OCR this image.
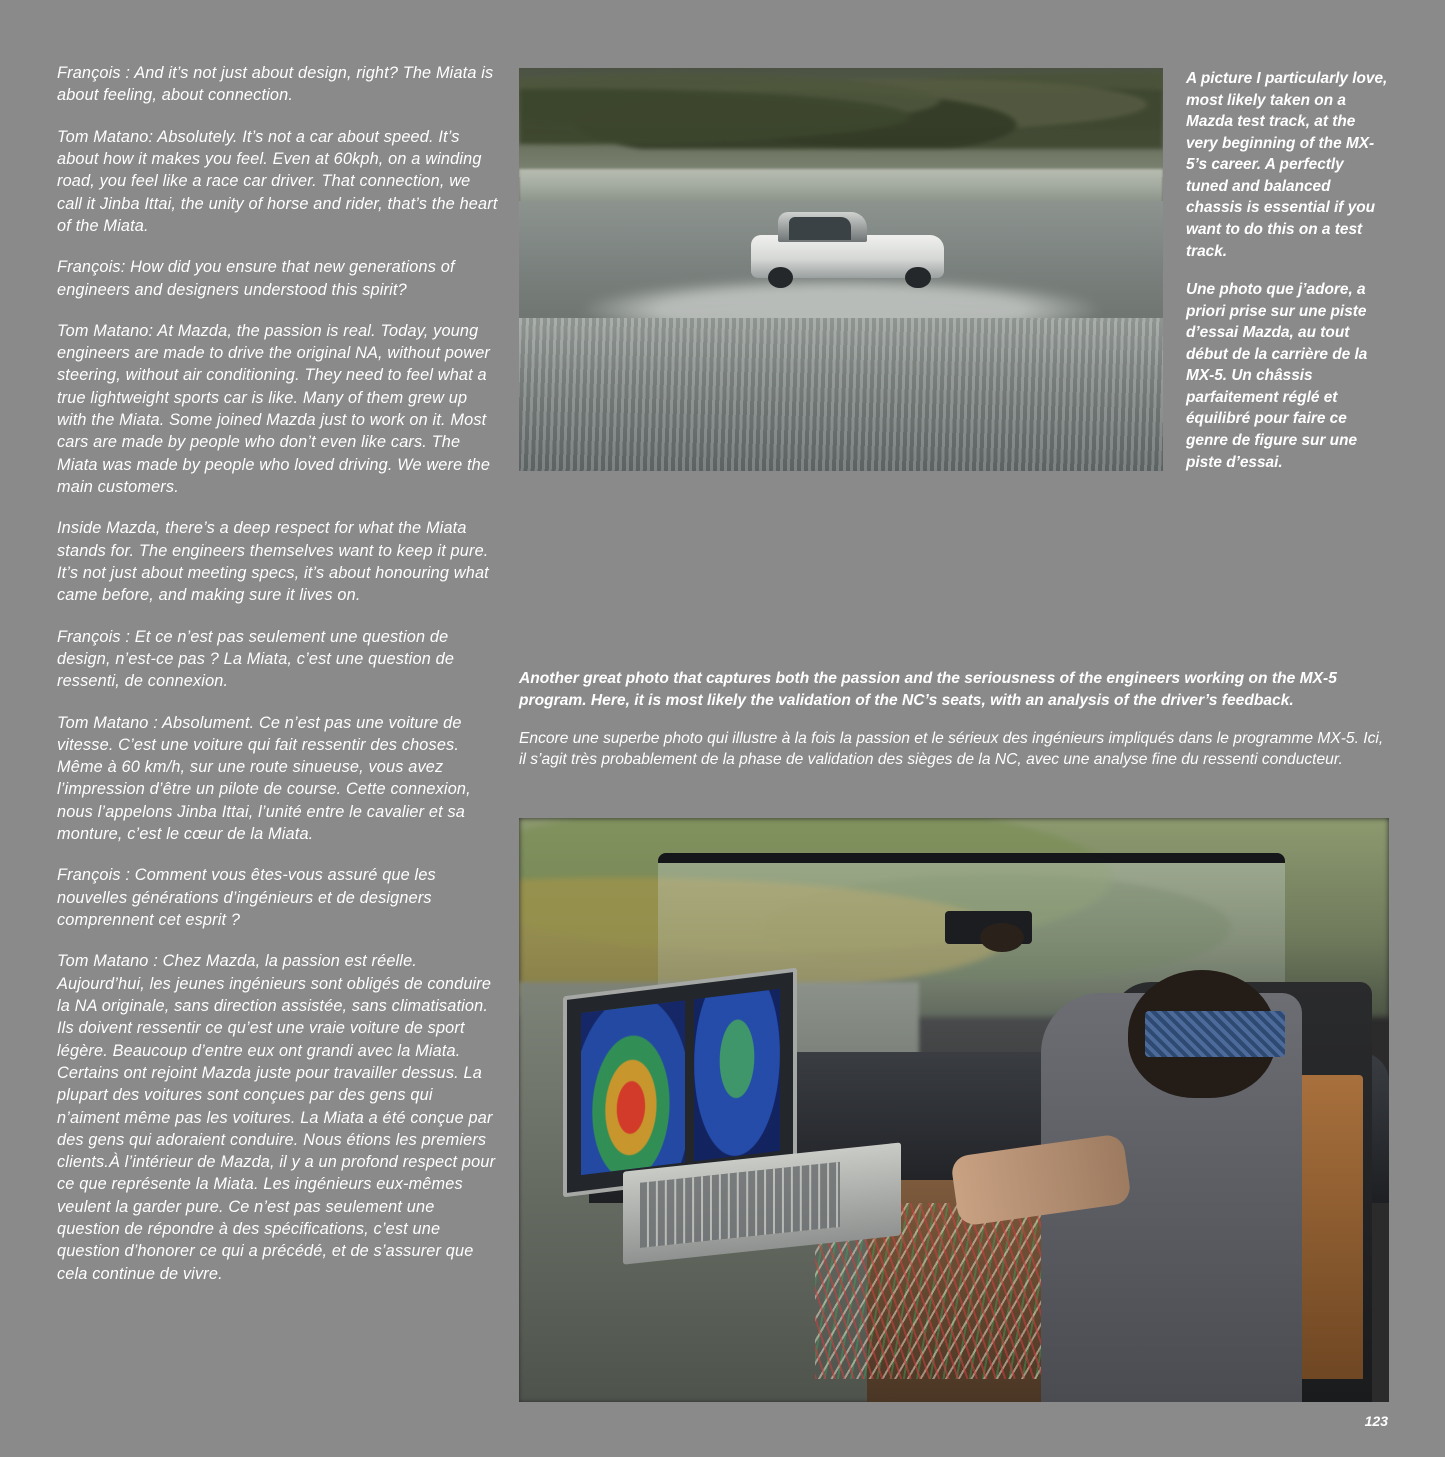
François : And it’s not just about design, right? The Miata is about feeling, about connection.

Tom Matano: Absolutely. It’s not a car about speed. It’s about how it makes you feel. Even at 60kph, on a winding road, you feel like a race car driver. That connection, we call it Jinba Ittai, the unity of horse and rider, that’s the heart of the Miata.

François: How did you ensure that new generations of engineers and designers understood this spirit?

Tom Matano: At Mazda, the passion is real. Today, young engineers are made to drive the original NA, without power steering, without air conditioning. They need to feel what a true lightweight sports car is like. Many of them grew up with the Miata. Some joined Mazda just to work on it. Most cars are made by people who don’t even like cars. The Miata was made by people who loved driving. We were the main customers.

Inside Mazda, there’s a deep respect for what the Miata stands for. The engineers themselves want to keep it pure. It’s not just about meeting specs, it’s about honouring what came before, and making sure it lives on.

François : Et ce n’est pas seulement une question de design, n’est-ce pas ? La Miata, c’est une question de ressenti, de connexion.

Tom Matano : Absolument. Ce n’est pas une voiture de vitesse. C’est une voiture qui fait ressentir des choses. Même à 60 km/h, sur une route sinueuse, vous avez l’impression d’être un pilote de course. Cette connexion, nous l’appelons Jinba Ittai, l’unité entre le cavalier et sa monture, c’est le cœur de la Miata.

François : Comment vous êtes-vous assuré que les nouvelles générations d’ingénieurs et de designers comprennent cet esprit ?

Tom Matano : Chez Mazda, la passion est réelle. Aujourd’hui, les jeunes ingénieurs sont obligés de conduire la NA originale, sans direction assistée, sans climatisation. Ils doivent ressentir ce qu’est une vraie voiture de sport légère. Beaucoup d’entre eux ont grandi avec la Miata. Certains ont rejoint Mazda juste pour travailler dessus. La plupart des voitures sont conçues par des gens qui n’aiment même pas les voitures. La Miata a été conçue par des gens qui adoraient conduire. Nous étions les premiers clients.À l’intérieur de Mazda, il y a un profond respect pour ce que représente la Miata. Les ingénieurs eux-mêmes veulent la garder pure. Ce n’est pas seulement une question de répondre à des spécifications, c’est une question d’honorer ce qui a précédé, et de s’assurer que cela continue de vivre.

A picture I particularly love, most likely taken on a Mazda test track, at the very beginning of the MX-5’s career. A perfectly tuned and balanced chassis is essential if you want to do this on a test track.

Une photo que j’adore, a priori prise sur une piste d’essai Mazda, au tout début de la carrière de la MX-5. Un châssis parfaitement réglé et équilibré pour faire ce genre de figure sur une piste d’essai.

Another great photo that captures both the passion and the seriousness of the engineers working on the MX-5 program. Here, it is most likely the validation of the NC’s seats, with an analysis of the driver’s feedback.

Encore une superbe photo qui illustre à la fois la passion et le sérieux des ingénieurs impliqués dans le programme MX-5. Ici, il s’agit très probablement de la phase de validation des sièges de la NC, avec une analyse fine du ressenti conducteur.

123
